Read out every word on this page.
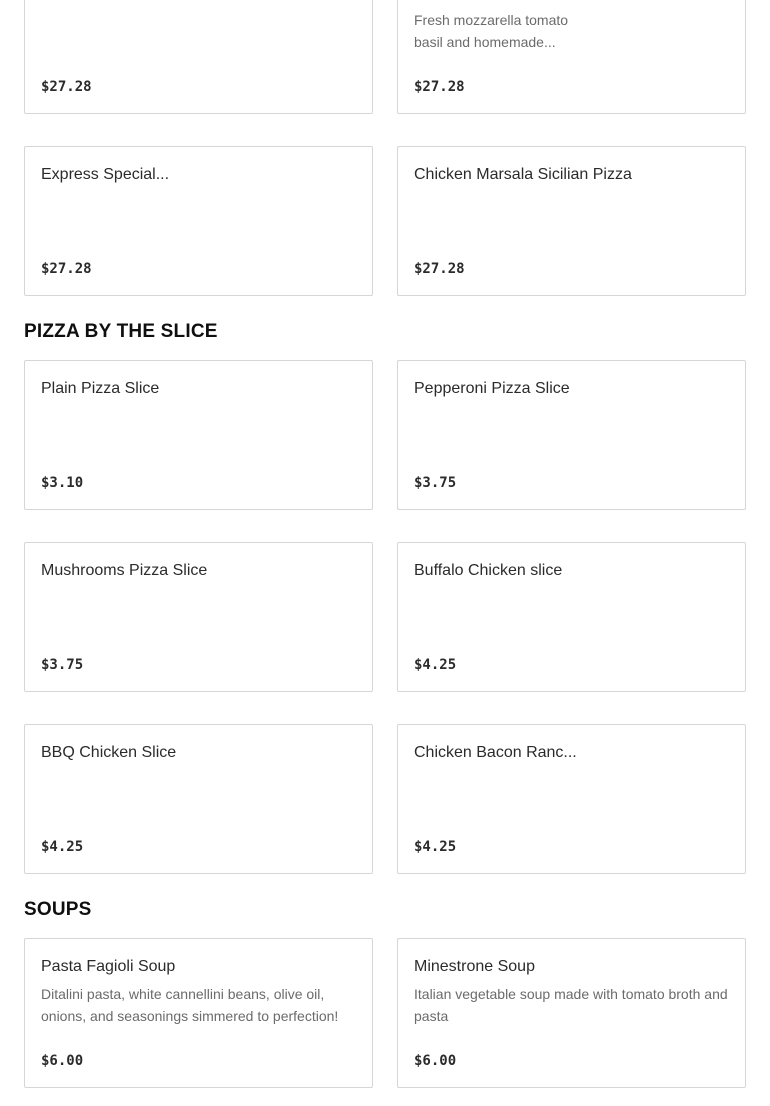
$27.28
Fresh mozzarella tomato basil and homemade...
$27.28
Express Special...
$27.28
Chicken Marsala Sicilian Pizza
$27.28
PIZZA BY THE SLICE
Plain Pizza Slice
$3.10
Pepperoni Pizza Slice
$3.75
Mushrooms Pizza Slice
$3.75
Buffalo Chicken slice
$4.25
BBQ Chicken Slice
$4.25
Chicken Bacon Ranc...
$4.25
SOUPS
Pasta Fagioli Soup
Ditalini pasta, white cannellini beans, olive oil, onions, and seasonings simmered to perfection!
$6.00
Minestrone Soup
Italian vegetable soup made with tomato broth and pasta
$6.00
